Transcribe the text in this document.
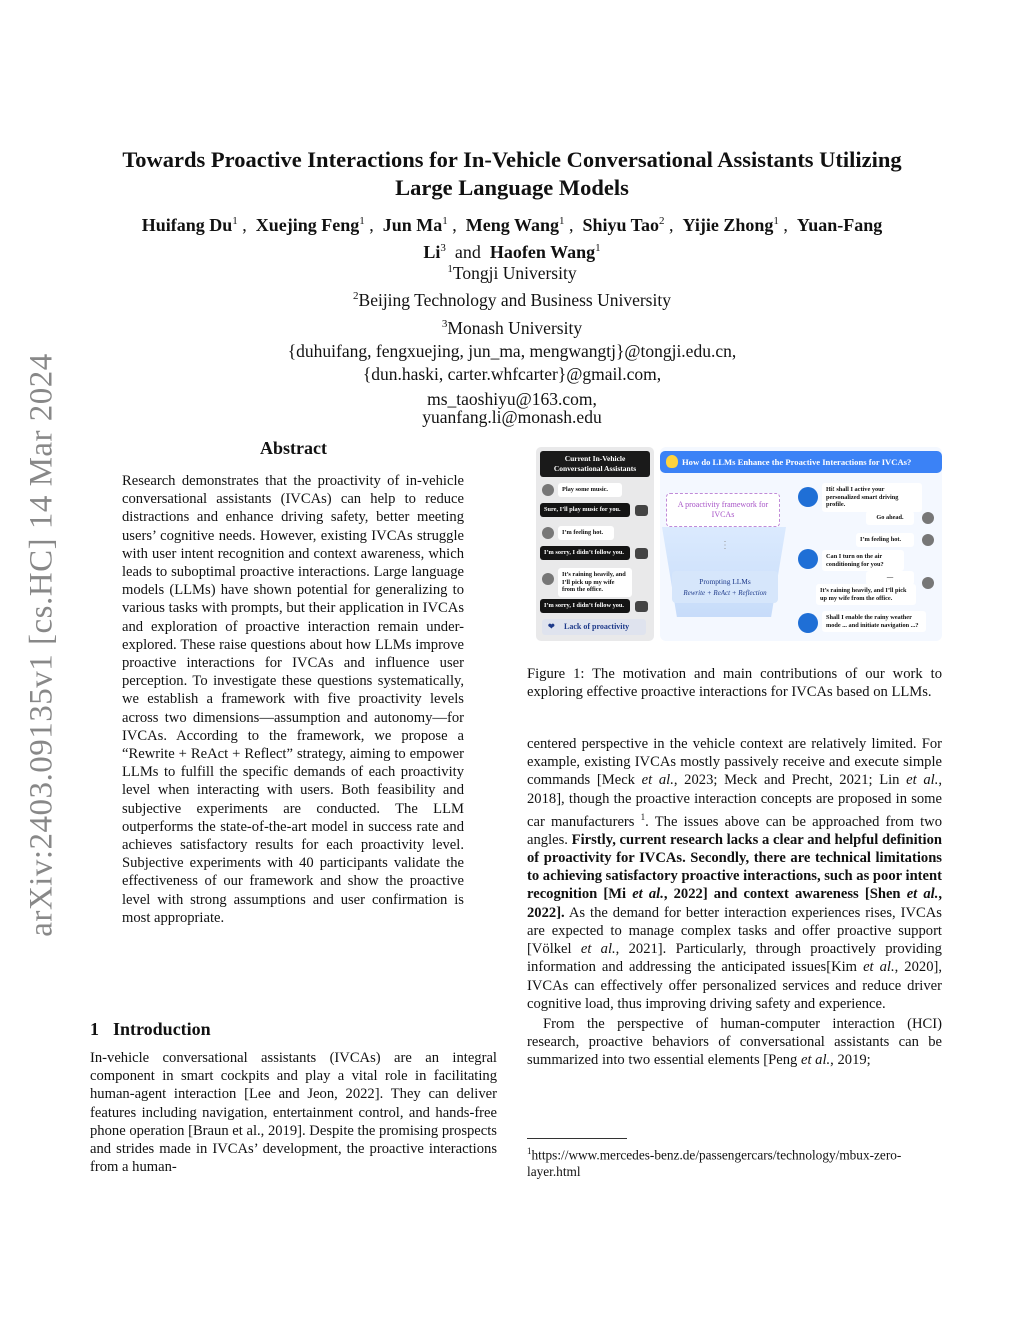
arXiv:2403.09135v1 [cs.HC] 14 Mar 2024
Towards Proactive Interactions for In-Vehicle Conversational Assistants Utilizing
Large Language Models
Huifang Du$^1$ ,  Xuejing Feng$^1$ ,  Jun Ma$^1$ ,  Meng Wang$^1$ ,  Shiyu Tao$^2$ ,  Yijie Zhong$^1$ ,  Yuan-Fang
Li$^3$ and Haofen Wang$^1$

$^1$Tongji University

$^2$Beijing Technology and Business University

$^3$Monash University

{duhuifang, fengxuejing, jun_ma, mengwangtj}@tongji.edu.cn,

{dun.haski, carter.whfcarter}@gmail.com,

ms_taoshiyu@163.com,

yuanfang.li@monash.edu

Abstract
Research demonstrates that the proactivity of in-vehicle conversational assistants (IVCAs) can help to reduce distractions and enhance driving safety, better meeting users’ cognitive needs. However, existing IVCAs struggle with user intent recognition and context awareness, which leads to suboptimal proactive interactions. Large language models (LLMs) have shown potential for generalizing to various tasks with prompts, but their application in IVCAs and exploration of proactive interaction remain under-explored. These raise questions about how LLMs improve proactive interactions for IVCAs and influence user perception. To investigate these questions systematically, we establish a framework with five proactivity levels across two dimensions—assumption and autonomy—for IVCAs. According to the framework, we propose a “Rewrite + ReAct + Reflect” strategy, aiming to empower LLMs to fulfill the specific demands of each proactivity level when interacting with users. Both feasibility and subjective experiments are conducted. The LLM outperforms the state-of-the-art model in success rate and achieves satisfactory results for each proactivity level. Subjective experiments with 40 participants validate the effectiveness of our framework and show the proactive level with strong assumptions and user confirmation is most appropriate.
1 Introduction
In-vehicle conversational assistants (IVCAs) are an integral component in smart cockpits and play a vital role in facilitating human-agent interaction [Lee and Jeon, 2022]. They can deliver features including navigation, entertainment control, and hands-free phone operation [Braun et al., 2019]. Despite the promising prospects and strides made in IVCAs’ development, the proactive interactions from a human-
Current In-Vehicle Conversational Assistants
Play some music.
Sure, I’ll play music for you.
I’m feeling hot.
I’m sorry, I didn’t follow you.
It’s raining heavily, and I’ll pick up my wife from the office.
I’m sorry, I didn’t follow you.
❤ Lack of proactivity
How do LLMs Enhance the Proactive Interactions for IVCAs?
A proactivity framework for IVCAs
⋮
Prompting LLMs
Rewrite + ReAct + Reflection
Hi! shall I active your personalized smart driving profile.
Go ahead.
I’m feeling hot.
Can I turn on the air conditioning for you?
—
It’s raining heavily, and I’ll pick up my wife from the office.
Shall I enable the rainy weather mode ... and initiate navigation ...?
Figure 1: The motivation and main contributions of our work to exploring effective proactive interactions for IVCAs based on LLMs.

centered perspective in the vehicle context are relatively limited. For example, existing IVCAs mostly passively receive and execute simple commands [Meck et al., 2023; Meck and Precht, 2021; Lin et al., 2018], though the proactive interaction concepts are proposed in some car manufacturers $^1$. The issues above can be approached from two angles. Firstly, current research lacks a clear and helpful definition of proactivity for IVCAs. Secondly, there are technical limitations to achieving satisfactory proactive interactions, such as poor intent recognition [Mi et al., 2022] and context awareness [Shen et al., 2022]. As the demand for better interaction experiences rises, IVCAs are expected to manage complex tasks and offer proactive support [Völkel et al., 2021]. Particularly, through proactively providing information and addressing the anticipated issues[Kim et al., 2020], IVCAs can effectively offer personalized services and reduce driver cognitive load, thus improving driving safety and experience.

From the perspective of human-computer interaction (HCI) research, proactive behaviors of conversational assistants can be summarized into two essential elements [Peng et al., 2019;

$^1$https://www.mercedes-benz.de/passengercars/technology/mbux-zero-layer.html
